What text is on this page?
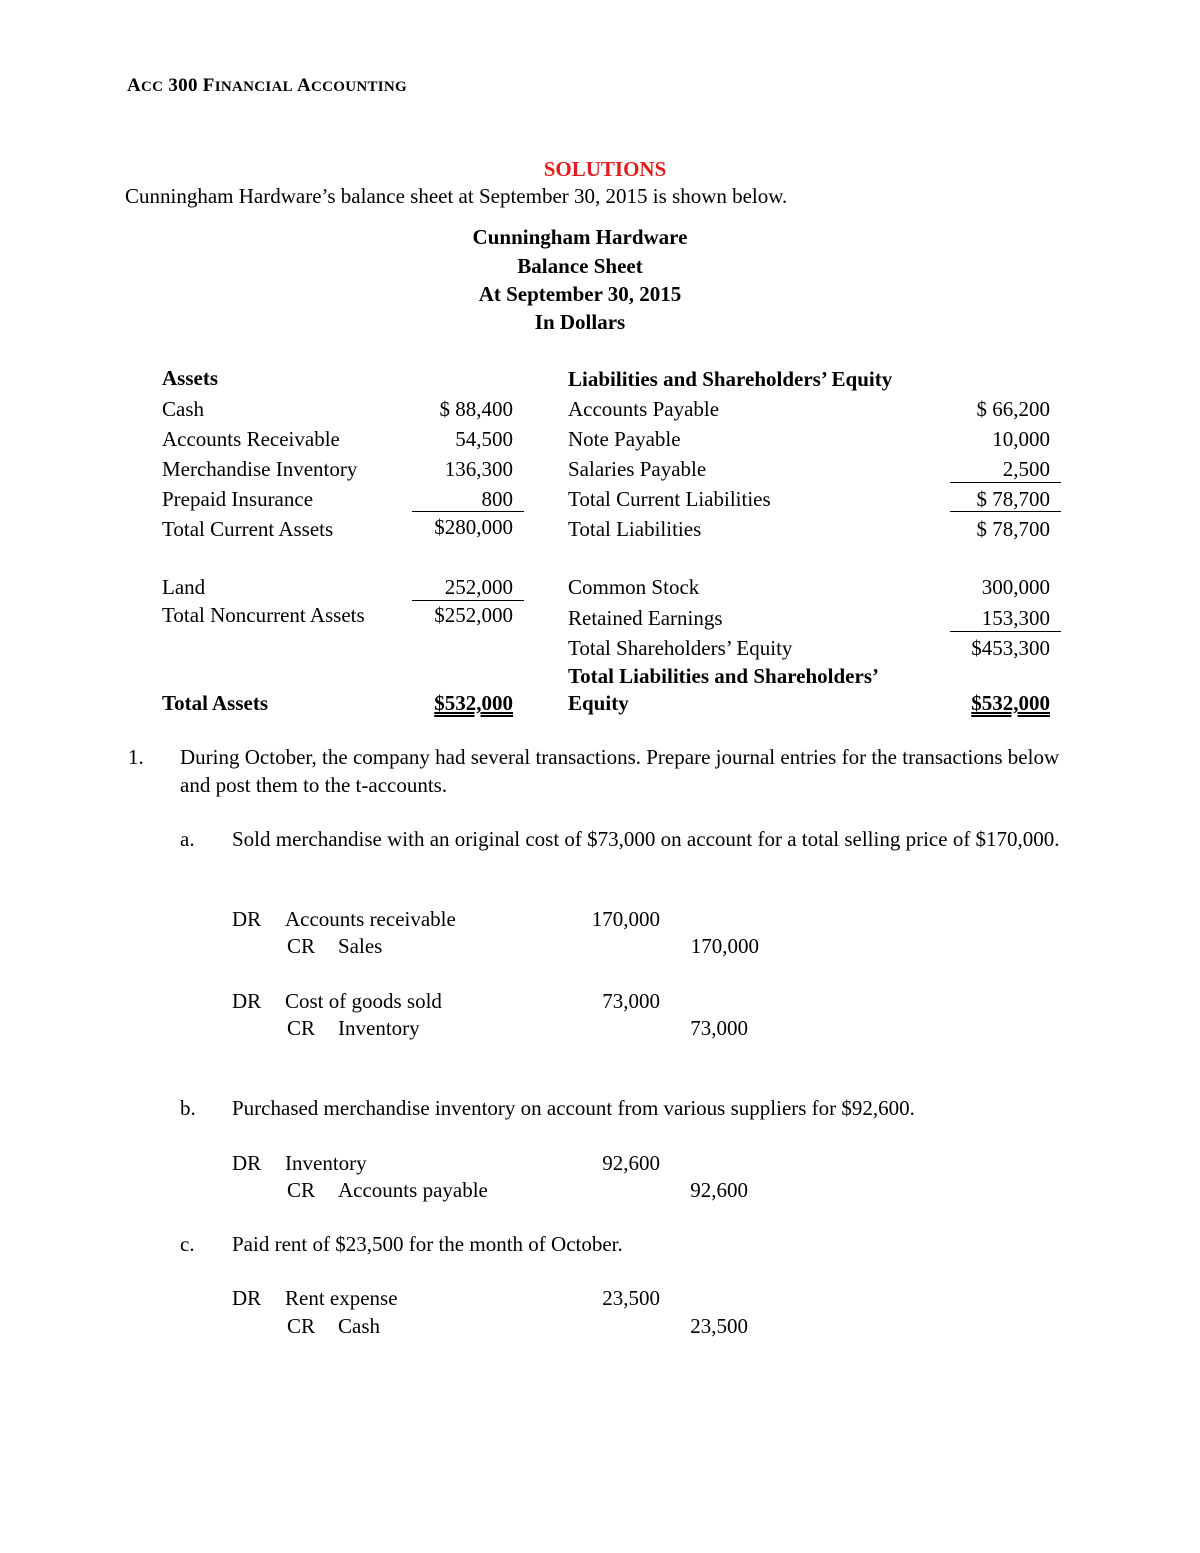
ACC 300 FINANCIAL ACCOUNTING
SOLUTIONS
Cunningham Hardware’s balance sheet at September 30, 2015 is shown below.
Cunningham Hardware
Balance Sheet
At September 30, 2015
In Dollars
Assets
Cash	$ 88,400
Accounts Receivable	54,500
Merchandise Inventory	136,300
Prepaid Insurance	800
Total Current Assets	$280,000
Land	252,000
Total Noncurrent Assets	$252,000
Total Assets	$532,000
Liabilities and Shareholders’ Equity
Accounts Payable	$ 66,200
Note Payable	10,000
Salaries Payable	2,500
Total Current Liabilities	$ 78,700
Total Liabilities	$ 78,700
Common Stock	300,000
Retained Earnings	153,300
Total Shareholders’ Equity	$453,300
Total Liabilities and Shareholders’
Equity	$532,000
1. During October, the company had several transactions. Prepare journal entries for the transactions below and post them to the t-accounts.
a. Sold merchandise with an original cost of $73,000 on account for a total selling price of $170,000.
DR Accounts receivable	170,000
CR Sales	170,000
DR Cost of goods sold	73,000
CR Inventory	73,000
b. Purchased merchandise inventory on account from various suppliers for $92,600.
DR Inventory	92,600
CR Accounts payable	92,600
c. Paid rent of $23,500 for the month of October.
DR Rent expense	23,500
CR Cash	23,500
